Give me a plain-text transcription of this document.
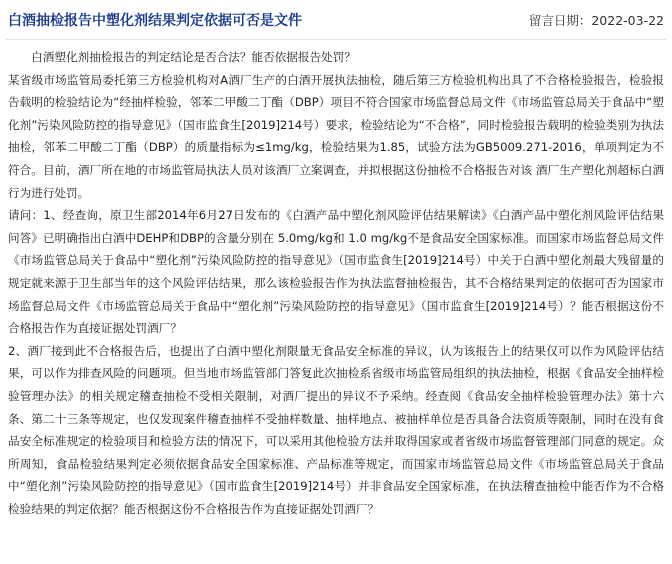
白酒抽检报告中塑化剂结果判定依据可否是文件	留言日期：2022-03-22

白酒塑化剂抽检报告的判定结论是否合法？能否依据报告处罚？

某省级市场监管局委托第三方检验机构对A酒厂生产的白酒开展执法抽检，随后第三方检验机构出具了不合格检验报告，检验报告载明的检验结论为“经抽样检验，邻苯二甲酸二丁酯（DBP）项目不符合国家市场监督总局文件《市场监管总局关于食品中“塑化剂”污染风险防控的指导意见》（国市监食生[2019]214号）要求，检验结论为“不合格”，同时检验报告载明的检验类别为执法抽检，邻苯二甲酸二丁酯（DBP）的质量指标为≤1mg/kg，检验结果为1.85，试验方法为GB5009.271-2016，单项判定为不符合。目前，酒厂所在地的市场监管局执法人员对该酒厂立案调查，并拟根据这份抽检不合格报告对该 酒厂生产塑化剂超标白酒行为进行处罚。

请问：1、经查询，原卫生部2014年6月27日发布的《白酒产品中塑化剂风险评估结果解读》《白酒产品中塑化剂风险评估结果问答》已明确指出白酒中DEHP和DBP的含量分别在 5.0mg/kg和 1.0 mg/kg不是食品安全国家标准。而国家市场监督总局文件《市场监管总局关于食品中“塑化剂”污染风险防控的指导意见》（国市监食生[2019]214号）中关于白酒中塑化剂最大残留量的规定就来源于卫生部当年的这个风险评估结果，那么该检验报告作为执法监督抽检报告，其不合格结果判定的依据可否为国家市场监督总局文件《市场监管总局关于食品中“塑化剂”污染风险防控的指导意见》（国市监食生[2019]214号）？能否根据这份不合格报告作为直接证据处罚酒厂？

2、酒厂接到此不合格报告后，也提出了白酒中塑化剂限量无食品安全标准的异议，认为该报告上的结果仅可以作为风险评估结果，可以作为排查风险的问题项。但当地市场监管部门答复此次抽检系省级市场监管局组织的执法抽检，根据《食品安全抽样检验管理办法》的相关规定稽查抽检不受相关限制，对酒厂提出的异议不予采纳。经查阅《食品安全抽样检验管理办法》第十六条、第二十三条等规定，也仅发现案件稽查抽样不受抽样数量、抽样地点、被抽样单位是否具备合法资质等限制，同时在没有食品安全标准规定的检验项目和检验方法的情况下，可以采用其他检验方法并取得国家或者省级市场监督管理部门同意的规定。众所周知，食品检验结果判定必须依据食品安全国家标准、产品标准等规定，而国家市场监管总局文件《市场监管总局关于食品中“塑化剂”污染风险防控的指导意见》（国市监食生[2019]214号）并非食品安全国家标准，在执法稽查抽检中能否作为不合格检验结果的判定依据？能否根据这份不合格报告作为直接证据处罚酒厂？
